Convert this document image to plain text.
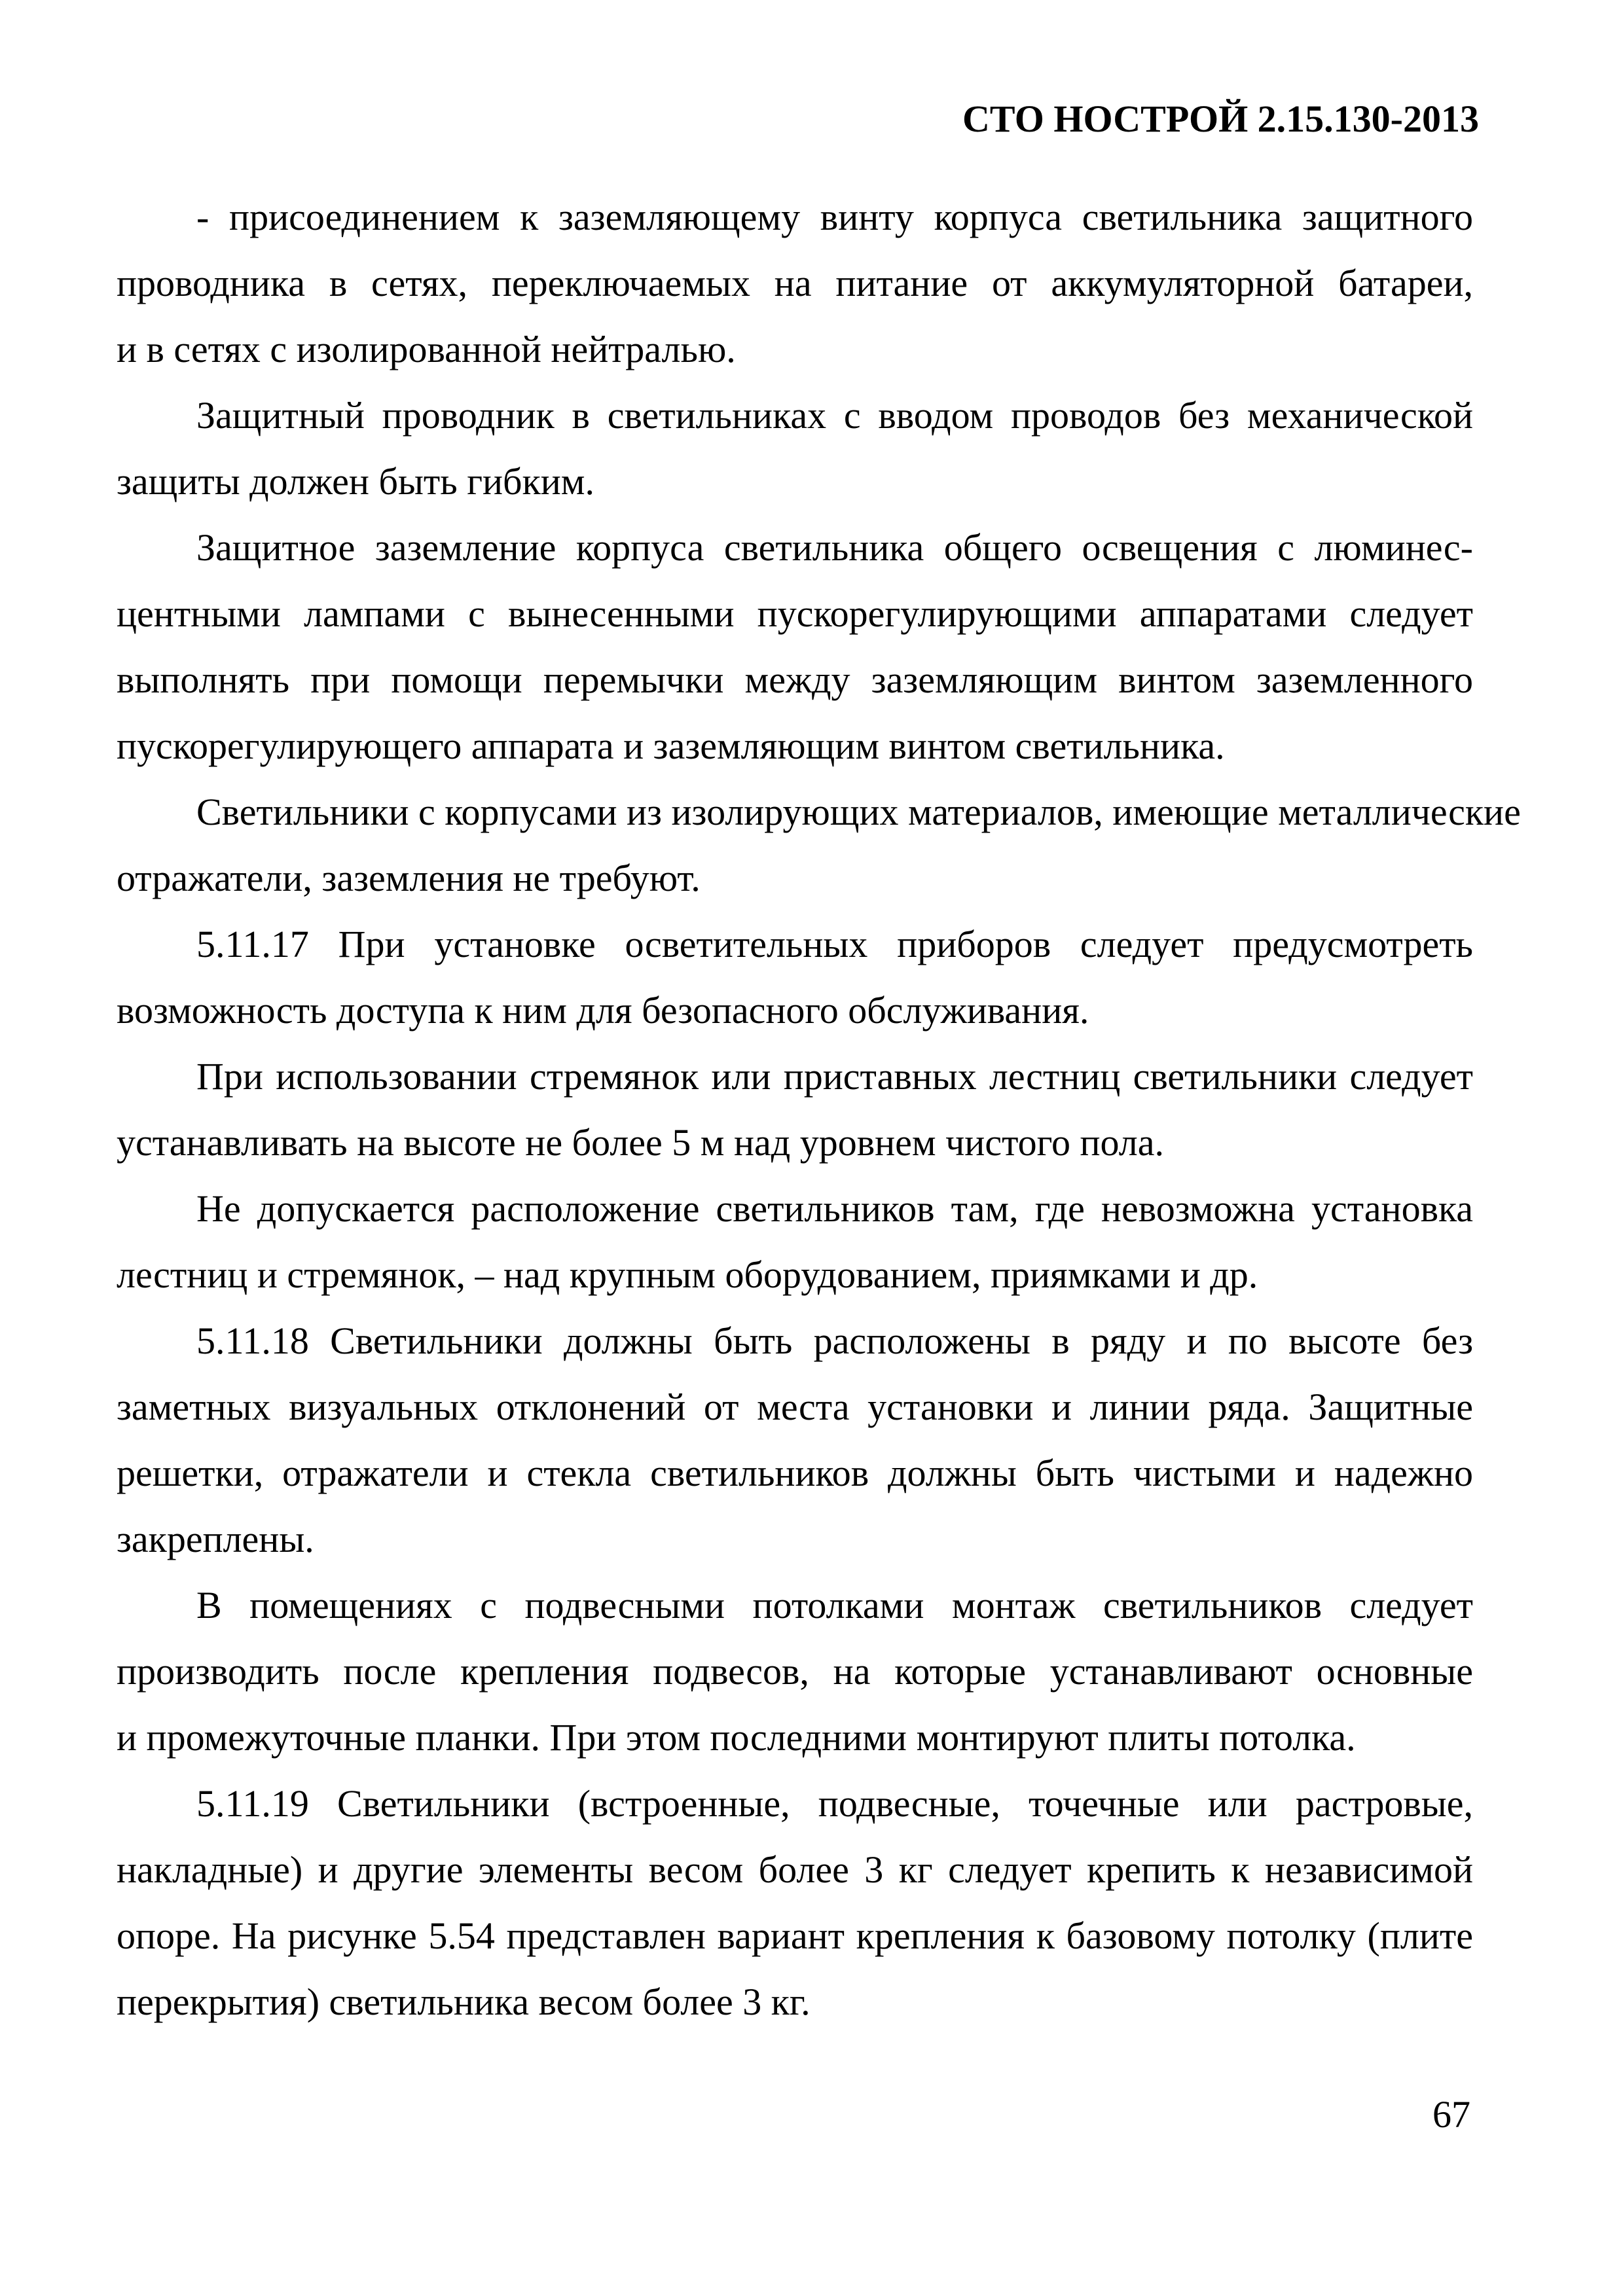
СТО НОСТРОЙ 2.15.130-2013
- присоединением к заземляющему винту корпуса светильника защитного
проводника в сетях, переключаемых на питание от аккумуляторной батареи,
и в сетях с изолированной нейтралью.
Защитный проводник в светильниках с вводом проводов без механической
защиты должен быть гибким.
Защитное заземление корпуса светильника общего освещения с люминес-
центными лампами с вынесенными пускорегулирующими аппаратами следует
выполнять при помощи перемычки между заземляющим винтом заземленного
пускорегулирующего аппарата и заземляющим винтом светильника.
Светильники с корпусами из изолирующих материалов, имеющие металлические
отражатели, заземления не требуют.
5.11.17 При установке осветительных приборов следует предусмотреть
возможность доступа к ним для безопасного обслуживания.
При использовании стремянок или приставных лестниц светильники следует
устанавливать на высоте не более 5 м над уровнем чистого пола.
Не допускается расположение светильников там, где невозможна установка
лестниц и стремянок, – над крупным оборудованием, приямками и др.
5.11.18 Светильники должны быть расположены в ряду и по высоте без
заметных визуальных отклонений от места установки и линии ряда. Защитные
решетки, отражатели и стекла светильников должны быть чистыми и надежно
закреплены.
В помещениях с подвесными потолками монтаж светильников следует
производить после крепления подвесов, на которые устанавливают основные
и промежуточные планки. При этом последними монтируют плиты потолка.
5.11.19 Светильники (встроенные, подвесные, точечные или растровые,
накладные) и другие элементы весом более 3 кг следует крепить к независимой
опоре. На рисунке 5.54 представлен вариант крепления к базовому потолку (плите
перекрытия) светильника весом более 3 кг.
67
